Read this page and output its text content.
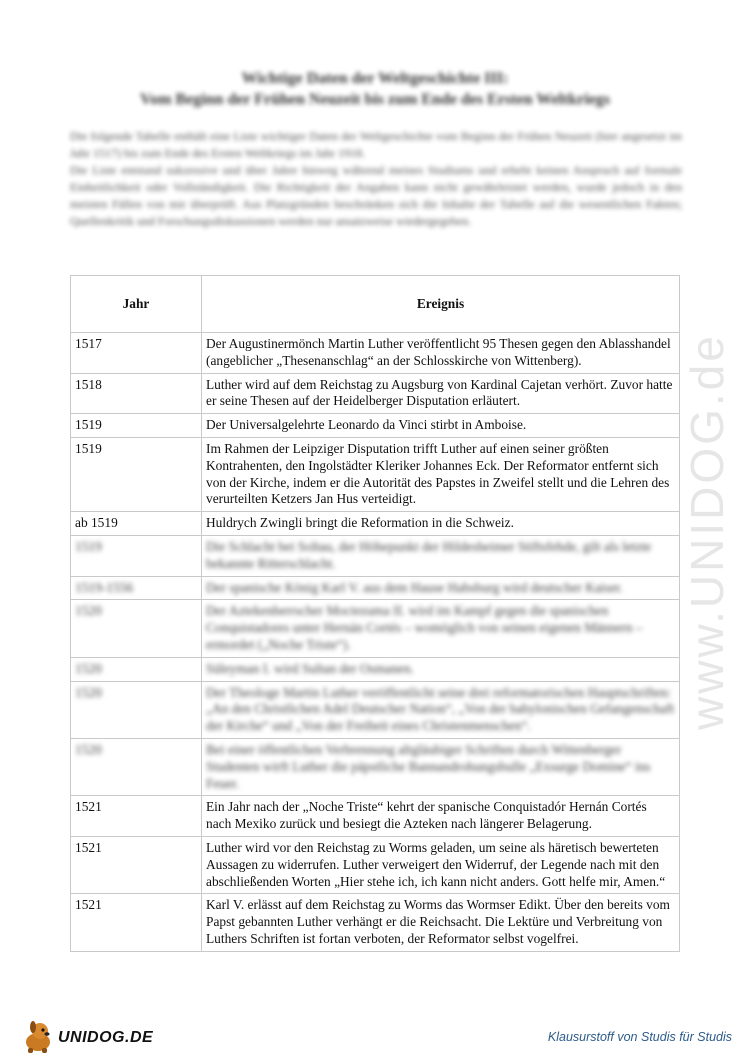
Wichtige Daten der Weltgeschichte III:
Vom Beginn der Frühen Neuzeit bis zum Ende des Ersten Weltkriegs

Die folgende Tabelle enthält eine Liste wichtiger Daten der Weltgeschichte vom Beginn der Frühen Neuzeit (hier angesetzt im Jahr 1517) bis zum Ende des Ersten Weltkriegs im Jahr 1918.

Die Liste entstand sukzessive und über Jahre hinweg während meines Studiums und erhebt keinen Anspruch auf formale Einheitlichkeit oder Vollständigkeit. Die Richtigkeit der Angaben kann nicht gewährleistet werden, wurde jedoch in den meisten Fällen von mir überprüft. Aus Platzgründen beschränken sich die Inhalte der Tabelle auf die wesentlichen Fakten; Quellenkritik und Forschungsdiskussionen werden nur ansatzweise wiedergegeben.

www.UNIDOG.de
Jahr	Ereignis
1517	Der Augustinermönch Martin Luther veröffentlicht 95 Thesen gegen den Ablasshandel (angeblicher „Thesenanschlag“ an der Schlosskirche von Wittenberg).
1518	Luther wird auf dem Reichstag zu Augsburg von Kardinal Cajetan verhört. Zuvor hatte er seine Thesen auf der Heidelberger Disputation erläutert.
1519	Der Universalgelehrte Leonardo da Vinci stirbt in Amboise.
1519	Im Rahmen der Leipziger Disputation trifft Luther auf einen seiner größten Kontrahenten, den Ingolstädter Kleriker Johannes Eck. Der Reformator entfernt sich von der Kirche, indem er die Autorität des Papstes in Zweifel stellt und die Lehren des verurteilten Ketzers Jan Hus verteidigt.
ab 1519	Huldrych Zwingli bringt die Reformation in die Schweiz.
1519	Die Schlacht bei Soltau, der Höhepunkt der Hildesheimer Stiftsfehde, gilt als letzte bekannte Ritterschlacht.
1519-1556	Der spanische König Karl V. aus dem Hause Habsburg wird deutscher Kaiser.
1520	Der Aztekenherrscher Moctezuma II. wird im Kampf gegen die spanischen Conquistadores unter Hernán Cortés – womöglich von seinen eigenen Männern – ermordet („Noche Triste“).
1520	Süleyman I. wird Sultan der Osmanen.
1520	Der Theologe Martin Luther veröffentlicht seine drei reformatorischen Hauptschriften: „An den Christlichen Adel Deutscher Nation“, „Von der babylonischen Gefangenschaft der Kirche“ und „Von der Freiheit eines Christenmenschen“.
1520	Bei einer öffentlichen Verbrennung altgläubiger Schriften durch Wittenberger Studenten wirft Luther die päpstliche Bannandrohungsbulle „Exsurge Domine“ ins Feuer.
1521	Ein Jahr nach der „Noche Triste“ kehrt der spanische Conquistadór Hernán Cortés nach Mexiko zurück und besiegt die Azteken nach längerer Belagerung.
1521	Luther wird vor den Reichstag zu Worms geladen, um seine als häretisch bewerteten Aussagen zu widerrufen. Luther verweigert den Widerruf, der Legende nach mit den abschließenden Worten „Hier stehe ich, ich kann nicht anders. Gott helfe mir, Amen.“
1521	Karl V. erlässt auf dem Reichstag zu Worms das Wormser Edikt. Über den bereits vom Papst gebannten Luther verhängt er die Reichsacht. Die Lektüre und Verbreitung von Luthers Schriften ist fortan verboten, der Reformator selbst vogelfrei.
UNIDOG.DE	Klausurstoff von Studis für Studis
